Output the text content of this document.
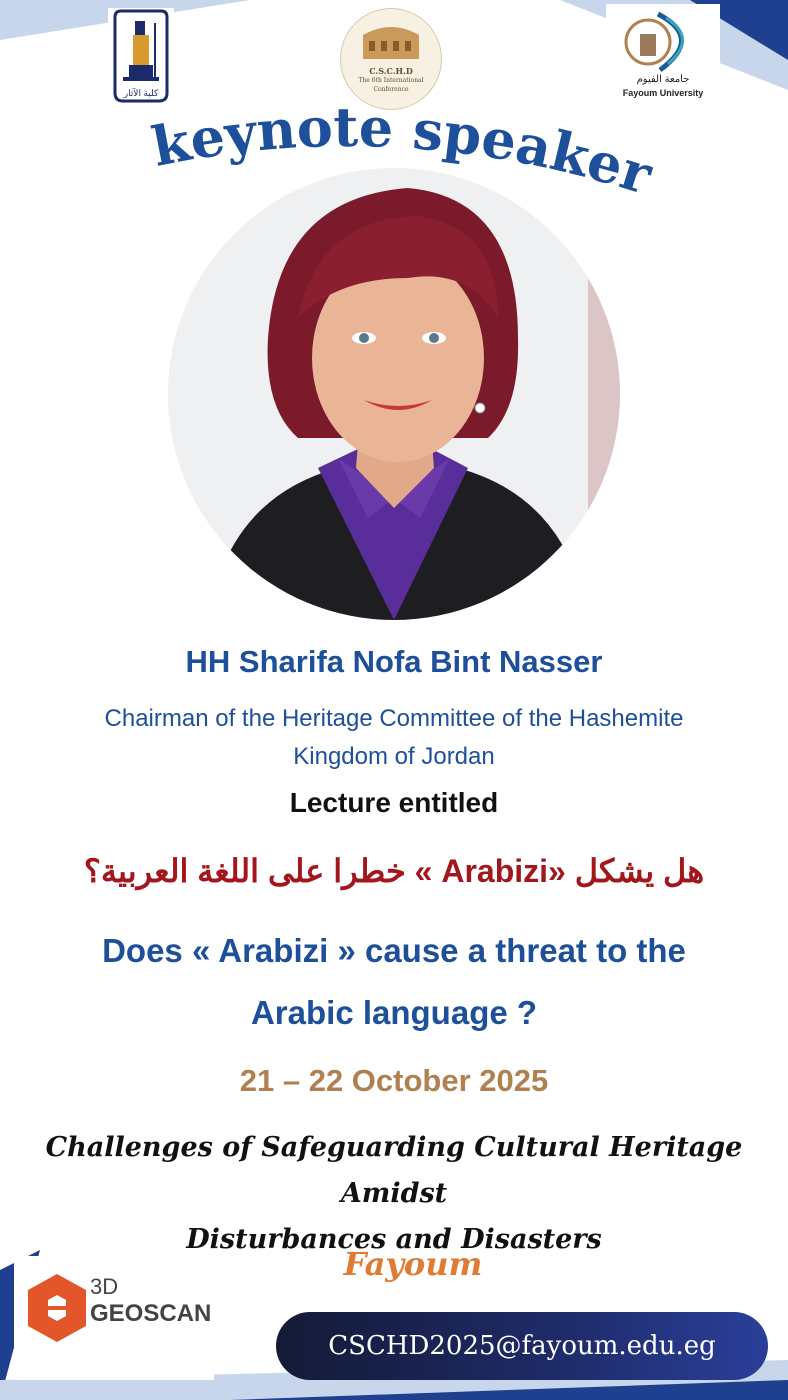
كلية الآثار
C.S.C.H.D
The 6th International
Conference
جامعة الفيوم
Fayoum University
keynote speaker
HH Sharifa Nofa Bint Nasser
Chairman of the Heritage Committee of the Hashemite
Kingdom of Jordan
Lecture entitled
هل يشكل «Arabizi » خطرا على اللغة العربية؟
Does « Arabizi » cause a threat to the
Arabic language ?
21 – 22 October 2025
Challenges of Safeguarding Cultural Heritage Amidst
Disturbances and Disasters
Fayoum
3D
GEOSCAN
CSCHD2025@fayoum.edu.eg
